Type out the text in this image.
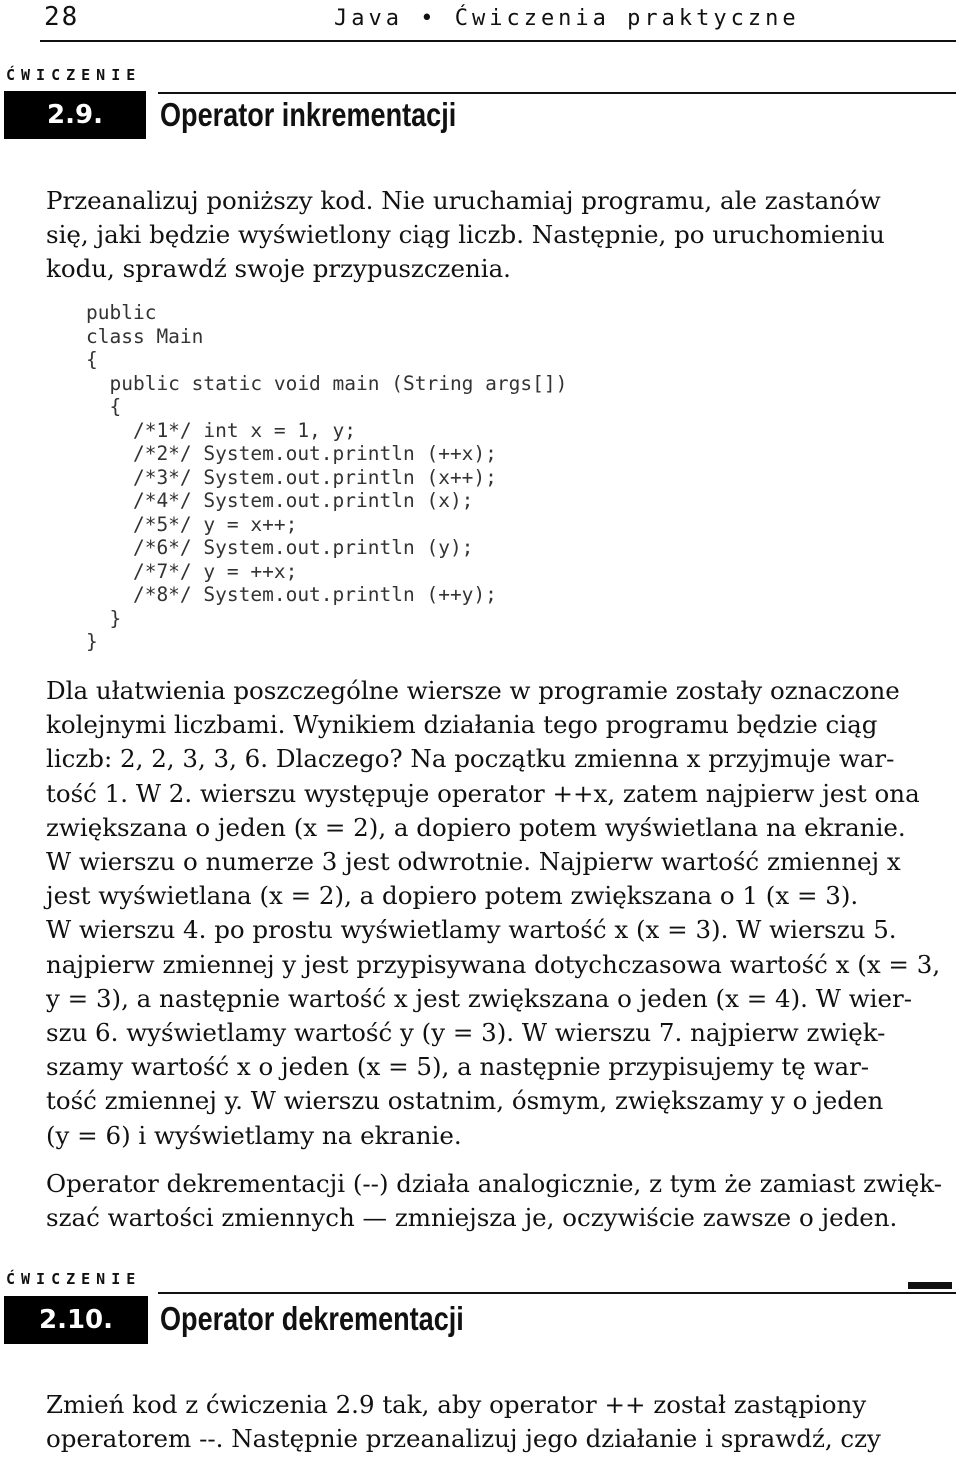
28	Java • Ćwiczenia praktyczne
ĆWICZENIE
2.9.	Operator inkrementacji
Przeanalizuj poniższy kod. Nie uruchamiaj programu, ale zastanów
się, jaki będzie wyświetlony ciąg liczb. Następnie, po uruchomieniu
kodu, sprawdź swoje przypuszczenia.
public
class Main
{
public static void main (String args[])
{
/*1*/ int x = 1, y;
/*2*/ System.out.println (++x);
/*3*/ System.out.println (x++);
/*4*/ System.out.println (x);
/*5*/ y = x++;
/*6*/ System.out.println (y);
/*7*/ y = ++x;
/*8*/ System.out.println (++y);
}
}
Dla ułatwienia poszczególne wiersze w programie zostały oznaczone
kolejnymi liczbami. Wynikiem działania tego programu będzie ciąg
liczb: 2, 2, 3, 3, 6. Dlaczego? Na początku zmienna x przyjmuje war-
tość 1. W 2. wierszu występuje operator ++x, zatem najpierw jest ona
zwiększana o jeden (x = 2), a dopiero potem wyświetlana na ekranie.
W wierszu o numerze 3 jest odwrotnie. Najpierw wartość zmiennej x
jest wyświetlana (x = 2), a dopiero potem zwiększana o 1 (x = 3).
W wierszu 4. po prostu wyświetlamy wartość x (x = 3). W wierszu 5.
najpierw zmiennej y jest przypisywana dotychczasowa wartość x (x = 3,
y = 3), a następnie wartość x jest zwiększana o jeden (x = 4). W wier-
szu 6. wyświetlamy wartość y (y = 3). W wierszu 7. najpierw zwięk-
szamy wartość x o jeden (x = 5), a następnie przypisujemy tę war-
tość zmiennej y. W wierszu ostatnim, ósmym, zwiększamy y o jeden
(y = 6) i wyświetlamy na ekranie.
Operator dekrementacji (--) działa analogicznie, z tym że zamiast zwięk-
szać wartości zmiennych — zmniejsza je, oczywiście zawsze o jeden.
ĆWICZENIE
2.10.	Operator dekrementacji
Zmień kod z ćwiczenia 2.9 tak, aby operator ++ został zastąpiony
operatorem --. Następnie przeanalizuj jego działanie i sprawdź, czy
